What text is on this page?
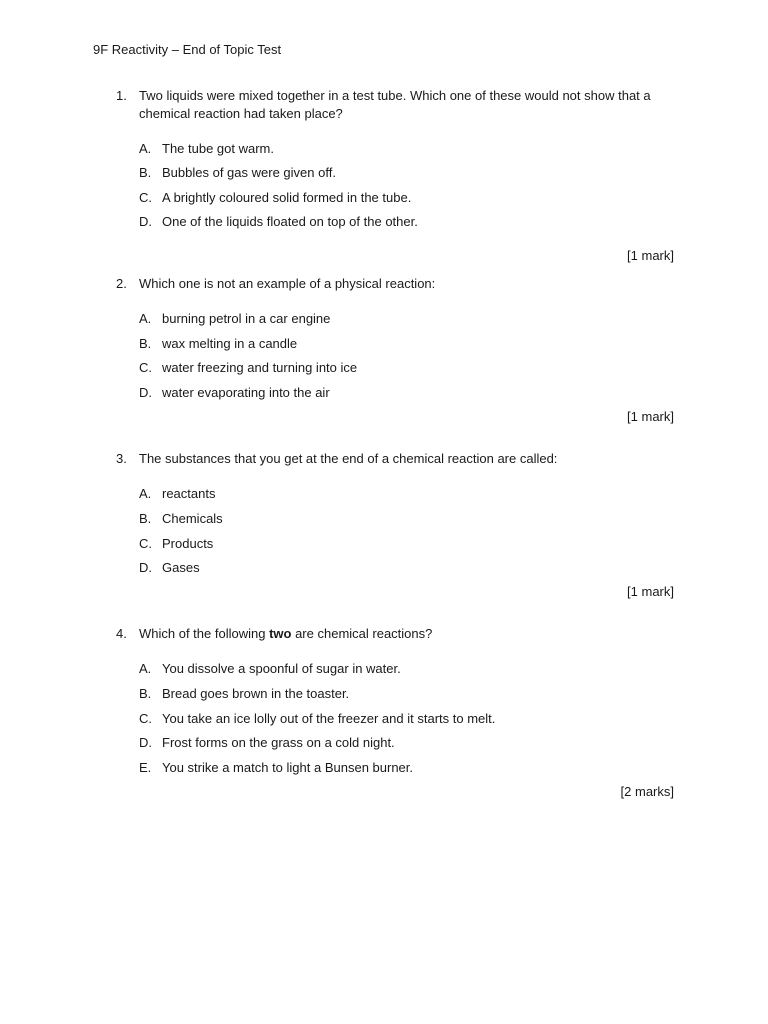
9F Reactivity – End of Topic Test
1. Two liquids were mixed together in a test tube. Which one of these would not show that a chemical reaction had taken place?
A. The tube got warm.
B. Bubbles of gas were given off.
C. A brightly coloured solid formed in the tube.
D. One of the liquids floated on top of the other.
[1 mark]
2. Which one is not an example of a physical reaction:
A. burning petrol in a car engine
B. wax melting in a candle
C. water freezing and turning into ice
D. water evaporating into the air
[1 mark]
3. The substances that you get at the end of a chemical reaction are called:
A. reactants
B. Chemicals
C. Products
D. Gases
[1 mark]
4. Which of the following two are chemical reactions?
A. You dissolve a spoonful of sugar in water.
B. Bread goes brown in the toaster.
C. You take an ice lolly out of the freezer and it starts to melt.
D. Frost forms on the grass on a cold night.
E. You strike a match to light a Bunsen burner.
[2 marks]
